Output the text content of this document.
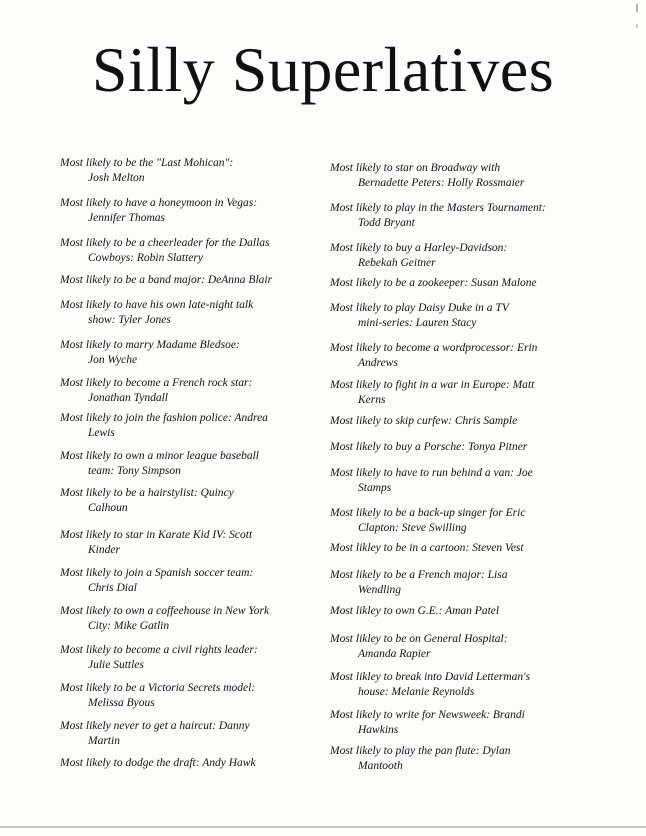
Silly Superlatives
Most likely to be the "Last Mohican":
Josh Melton
Most likely to have a honeymoon in Vegas:
Jennifer Thomas
Most likely to be a cheerleader for the Dallas
Cowboys: Robin Slattery
Most likely to be a band major: DeAnna Blair
Most likely to have his own late-night talk
show: Tyler Jones
Most likely to marry Madame Bledsoe:
Jon Wyche
Most likely to become a French rock star:
Jonathan Tyndall
Most likely to join the fashion police: Andrea
Lewis
Most likely to own a minor league baseball
team: Tony Simpson
Most likely to be a hairstylist: Quincy
Calhoun
Most likely to star in Karate Kid IV: Scott
Kinder
Most likely to join a Spanish soccer team:
Chris Dial
Most likely to own a coffeehouse in New York
City: Mike Gatlin
Most likely to become a civil rights leader:
Julie Suttles
Most likely to be a Victoria Secrets model:
Melissa Byous
Most likely never to get a haircut: Danny
Martin
Most likely to dodge the draft: Andy Hawk
Most likely to star on Broadway with
Bernadette Peters: Holly Rossmaier
Most likely to play in the Masters Tournament:
Todd Bryant
Most likely to buy a Harley-Davidson:
Rebekah Geitner
Most likely to be a zookeeper: Susan Malone
Most likely to play Daisy Duke in a TV
mini-series: Lauren Stacy
Most likely to become a wordprocessor: Erin
Andrews
Most likely to fight in a war in Europe: Matt
Kerns
Most likely to skip curfew: Chris Sample
Most likely to buy a Porsche: Tonya Pitner
Most likely to have to run behind a van: Joe
Stamps
Most likely to be a back-up singer for Eric
Clapton: Steve Swilling
Most likley to be in a cartoon: Steven Vest
Most likely to be a French major: Lisa
Wendling
Most likley to own G.E.: Aman Patel
Most likley to be on General Hospital:
Amanda Rapier
Most likley to break into David Letterman's
house: Melanie Reynolds
Most likely to write for Newsweek: Brandi
Hawkins
Most likely to play the pan flute: Dylan
Mantooth
